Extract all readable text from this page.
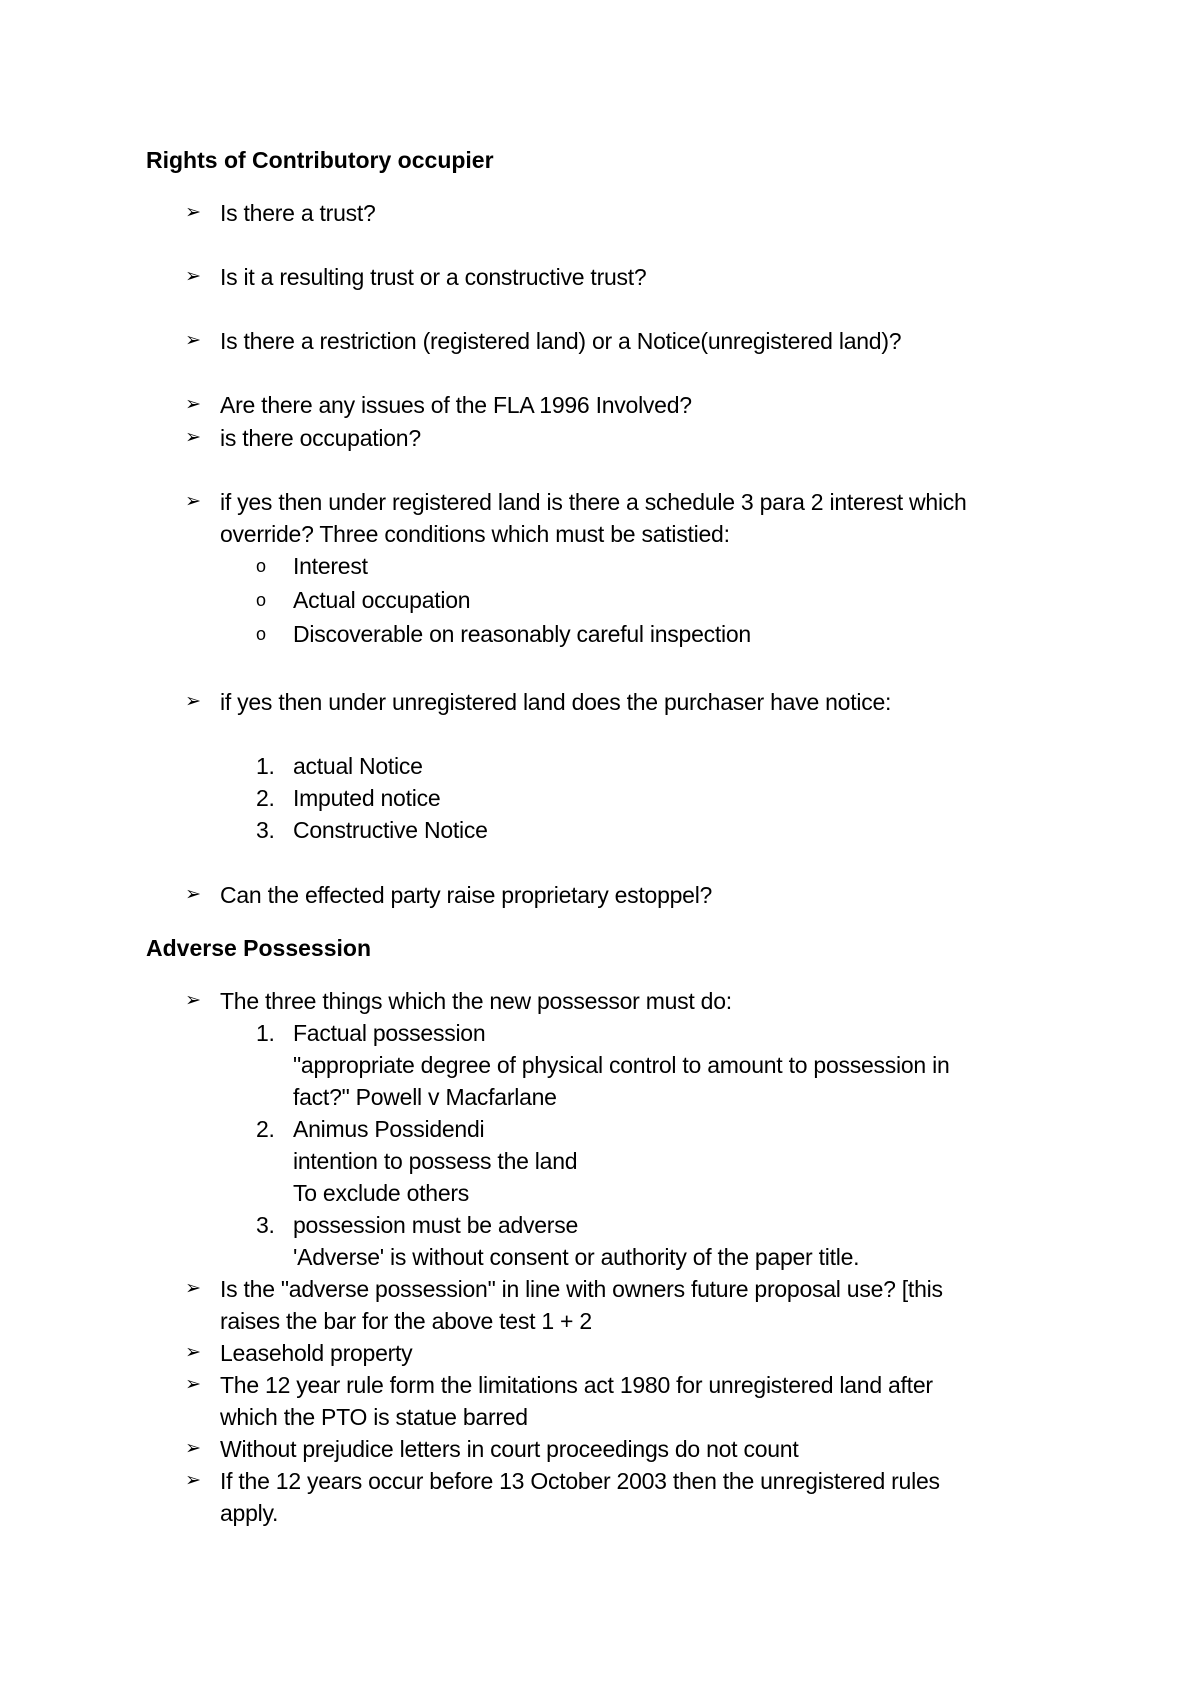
Rights of Contributory occupier

➢ Is there a trust?
➢ Is it a resulting trust or a constructive trust?
➢ Is there a restriction (registered land) or a Notice(unregistered land)?
➢ Are there any issues of the FLA 1996 Involved?
➢ is there occupation?
➢ if yes then under registered land is there a schedule 3 para 2 interest which
override? Three conditions which must be satistied:
o Interest
o Actual occupation
o Discoverable on reasonably careful inspection
➢ if yes then under unregistered land does the purchaser have notice:
1. actual Notice
2. Imputed notice
3. Constructive Notice
➢ Can the effected party raise proprietary estoppel?

Adverse Possession

➢ The three things which the new possessor must do:
1. Factual possession
"appropriate degree of physical control to amount to possession in
fact?" Powell v Macfarlane
2. Animus Possidendi
intention to possess the land
To exclude others
3. possession must be adverse
'Adverse' is without consent or authority of the paper title.
➢ Is the "adverse possession" in line with owners future proposal use? [this
raises the bar for the above test 1 + 2
➢ Leasehold property
➢ The 12 year rule form the limitations act 1980 for unregistered land after
which the PTO is statue barred
➢ Without prejudice letters in court proceedings do not count
➢ If the 12 years occur before 13 October 2003 then the unregistered rules
apply.
